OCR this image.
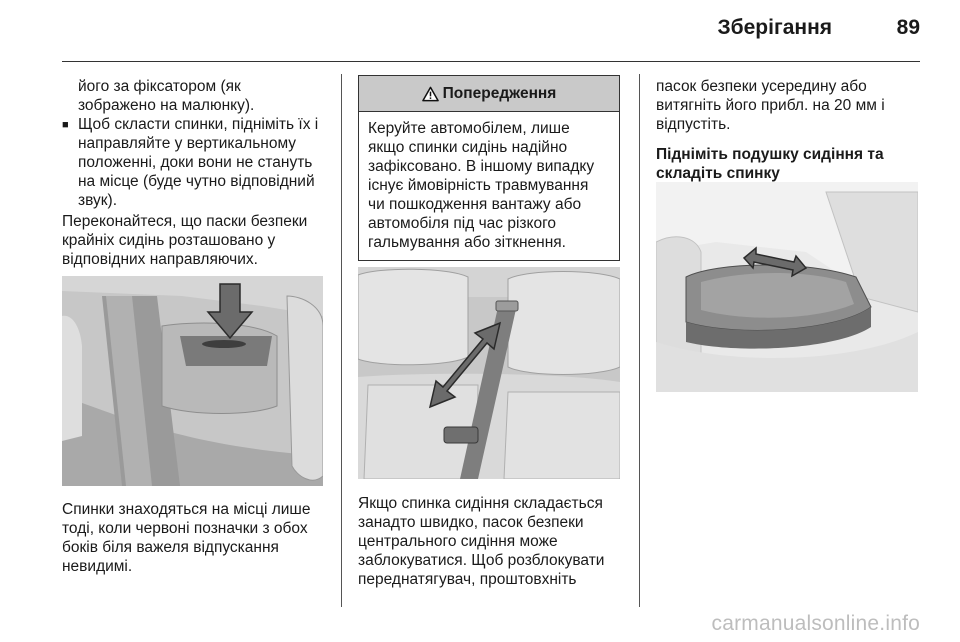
Зберігання	89
його за фіксатором (як
зображено на малюнку).
■ Щоб скласти спинки, підніміть їх і
направляйте у вертикальному
положенні, доки вони не стануть
на місце (буде чутно відповідний
звук).
Переконайтеся, що паски безпеки
крайніх сидінь розташовано у
відповідних направляючих.
Спинки знаходяться на місці лише
тоді, коли червоні позначки з обох
боків біля важеля відпускання
невидимі.
Попередження
Керуйте автомобілем, лише
якщо спинки сидінь надійно
зафіксовано. В іншому випадку
існує ймовірність травмування
чи пошкодження вантажу або
автомобіля під час різкого
гальмування або зіткнення.
Якщо спинка сидіння складається
занадто швидко, пасок безпеки
центрального сидіння може
заблокуватися. Щоб розблокувати
переднатягувач, проштовхніть
пасок безпеки усередину або
витягніть його прибл. на 20 мм і
відпустіть.
Підніміть подушку сидіння та
складіть спинку
carmanualsonline.info
